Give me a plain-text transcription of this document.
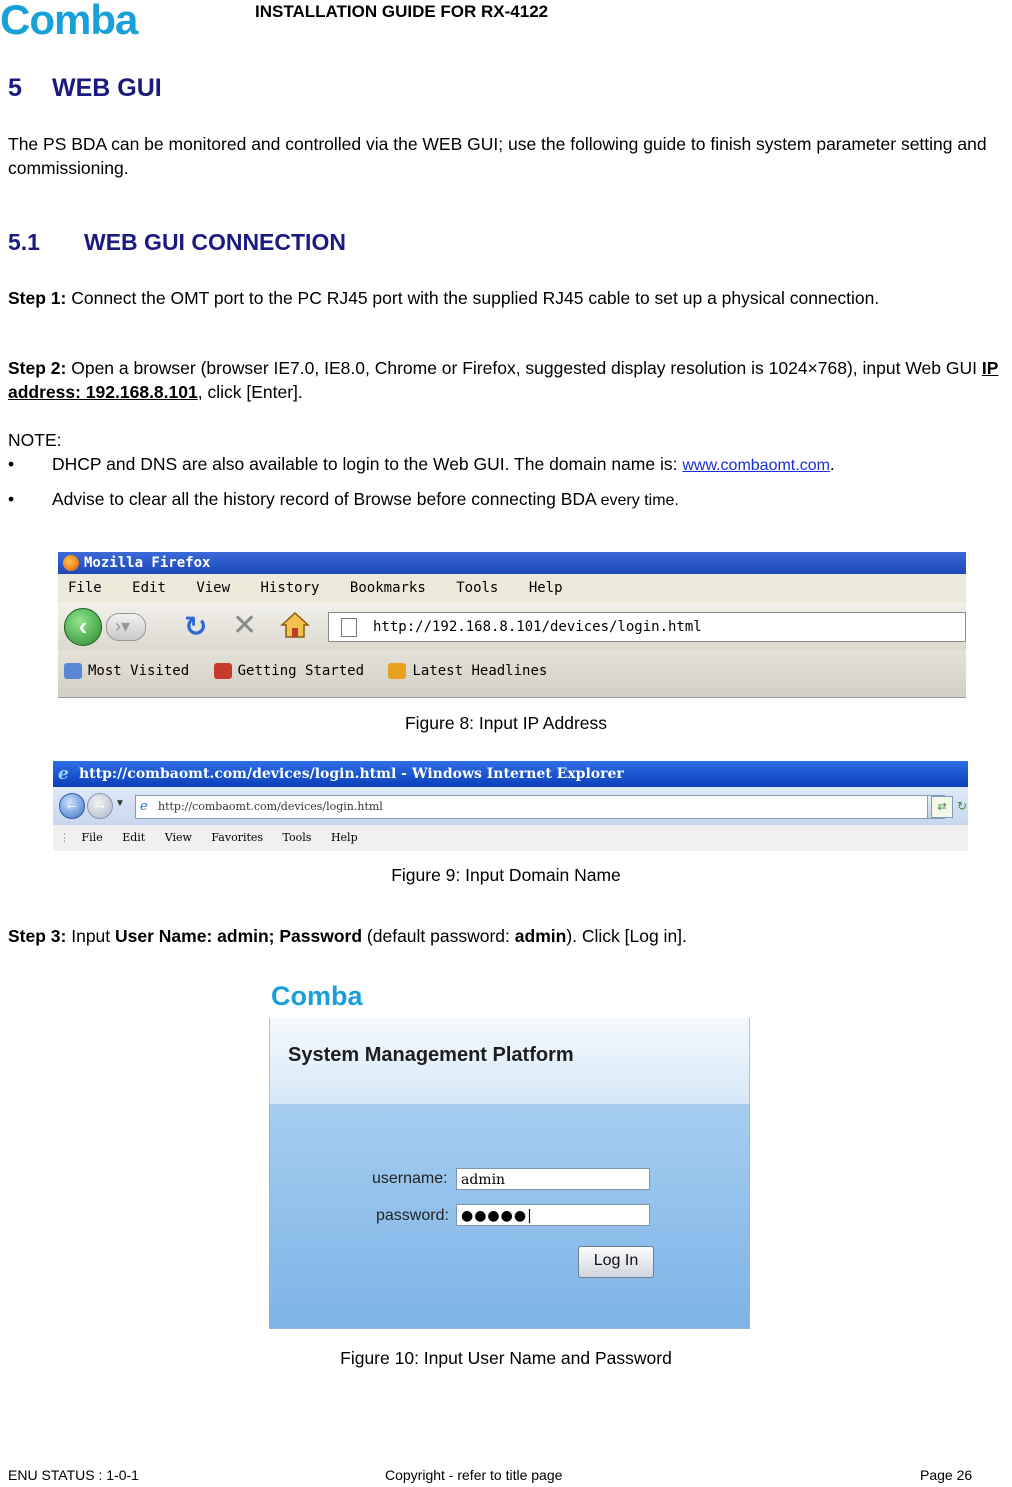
Comba	INSTALLATION GUIDE FOR RX-4122
5 WEB GUI
The PS BDA can be monitored and controlled via the WEB GUI; use the following guide to finish system parameter setting and commissioning.
5.1 WEB GUI CONNECTION
Step 1: Connect the OMT port to the PC RJ45 port with the supplied RJ45 cable to set up a physical connection.
Step 2: Open a browser (browser IE7.0, IE8.0, Chrome or Firefox, suggested display resolution is 1024×768), input Web GUI IP address: 192.168.8.101, click [Enter].
NOTE:
• DHCP and DNS are also available to login to the Web GUI. The domain name is: www.combaomt.com.
• Advise to clear all the history record of Browse before connecting BDA every time.
Mozilla Firefox
File Edit View History Bookmarks Tools Help
‹	›▾	↻ ✕	http://192.168.8.101/devices/login.html
Most Visited	Getting Started	Latest Headlines
Figure 8: Input IP Address
e http://combaomt.com/devices/login.html - Windows Internet Explorer
← → ▼ e http://combaomt.com/devices/login.html	⇄ ↻
⋮ File Edit View Favorites Tools Help
Figure 9: Input Domain Name
Step 3: Input User Name: admin; Password (default password: admin). Click [Log in].
Comba
System Management Platform
username: admin
password: ●●●●●|
Log In
Figure 10: Input User Name and Password
ENU STATUS : 1-0-1	Copyright - refer to title page	Page 26
